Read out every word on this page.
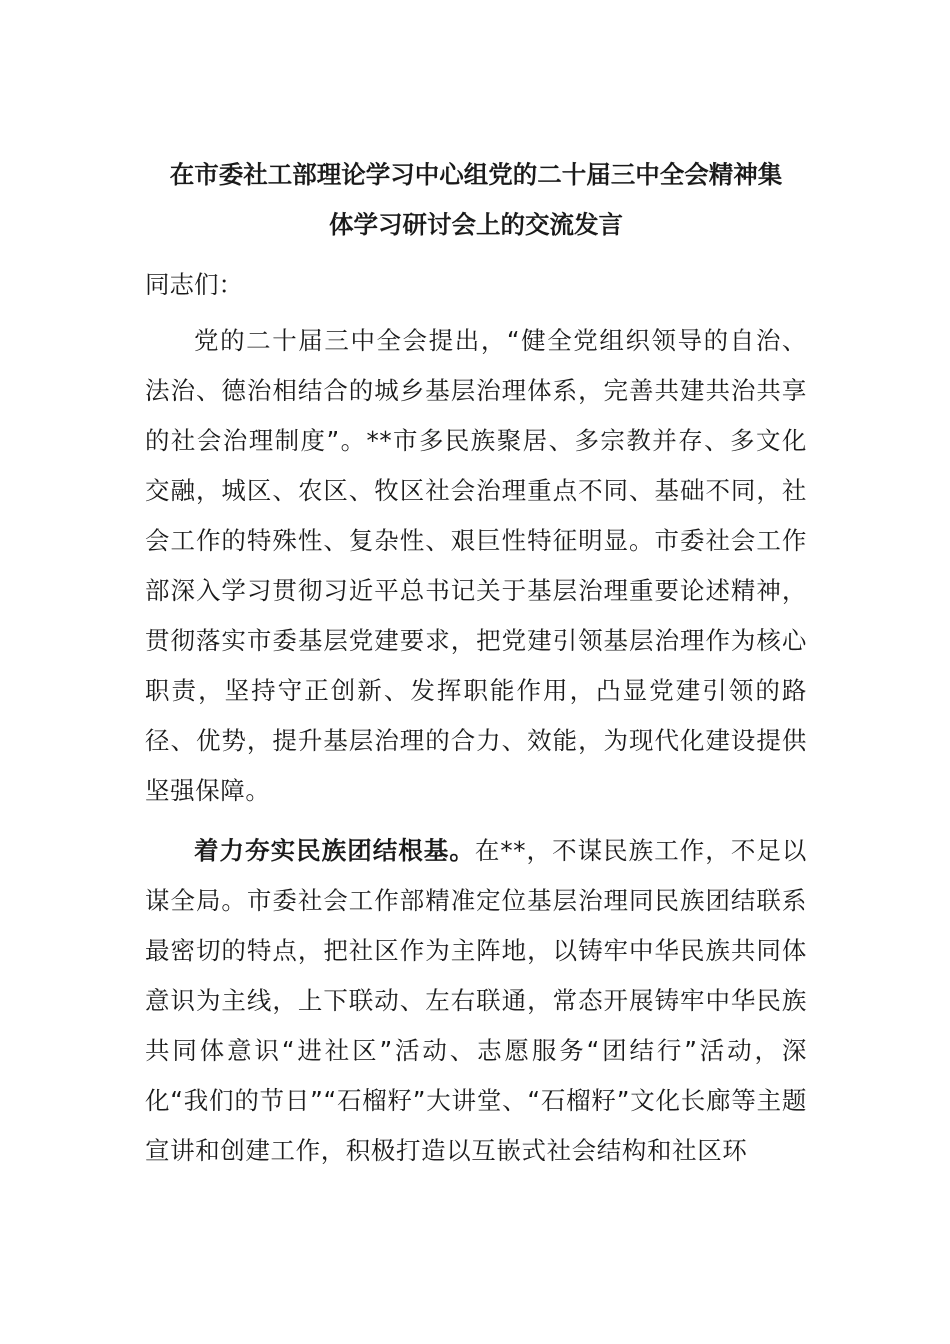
在市委社工部理论学习中心组党的二十届三中全会精神集
体学习研讨会上的交流发言

同志们：

党的二十届三中全会提出，“健全党组织领导的自治、法治、德治相结合的城乡基层治理体系，完善共建共治共享的社会治理制度”。**市多民族聚居、多宗教并存、多文化交融，城区、农区、牧区社会治理重点不同、基础不同，社会工作的特殊性、复杂性、艰巨性特征明显。市委社会工作部深入学习贯彻习近平总书记关于基层治理重要论述精神，贯彻落实市委基层党建要求，把党建引领基层治理作为核心职责，坚持守正创新、发挥职能作用，凸显党建引领的路径、优势，提升基层治理的合力、效能，为现代化建设提供坚强保障。

着力夯实民族团结根基。在**，不谋民族工作，不足以谋全局。市委社会工作部精准定位基层治理同民族团结联系最密切的特点，把社区作为主阵地，以铸牢中华民族共同体意识为主线，上下联动、左右联通，常态开展铸牢中华民族共同体意识“进社区”活动、志愿服务“团结行”活动，深化“我们的节日”“石榴籽”大讲堂、“石榴籽”文化长廊等主题宣讲和创建工作，积极打造以互嵌式社会结构和社区环
